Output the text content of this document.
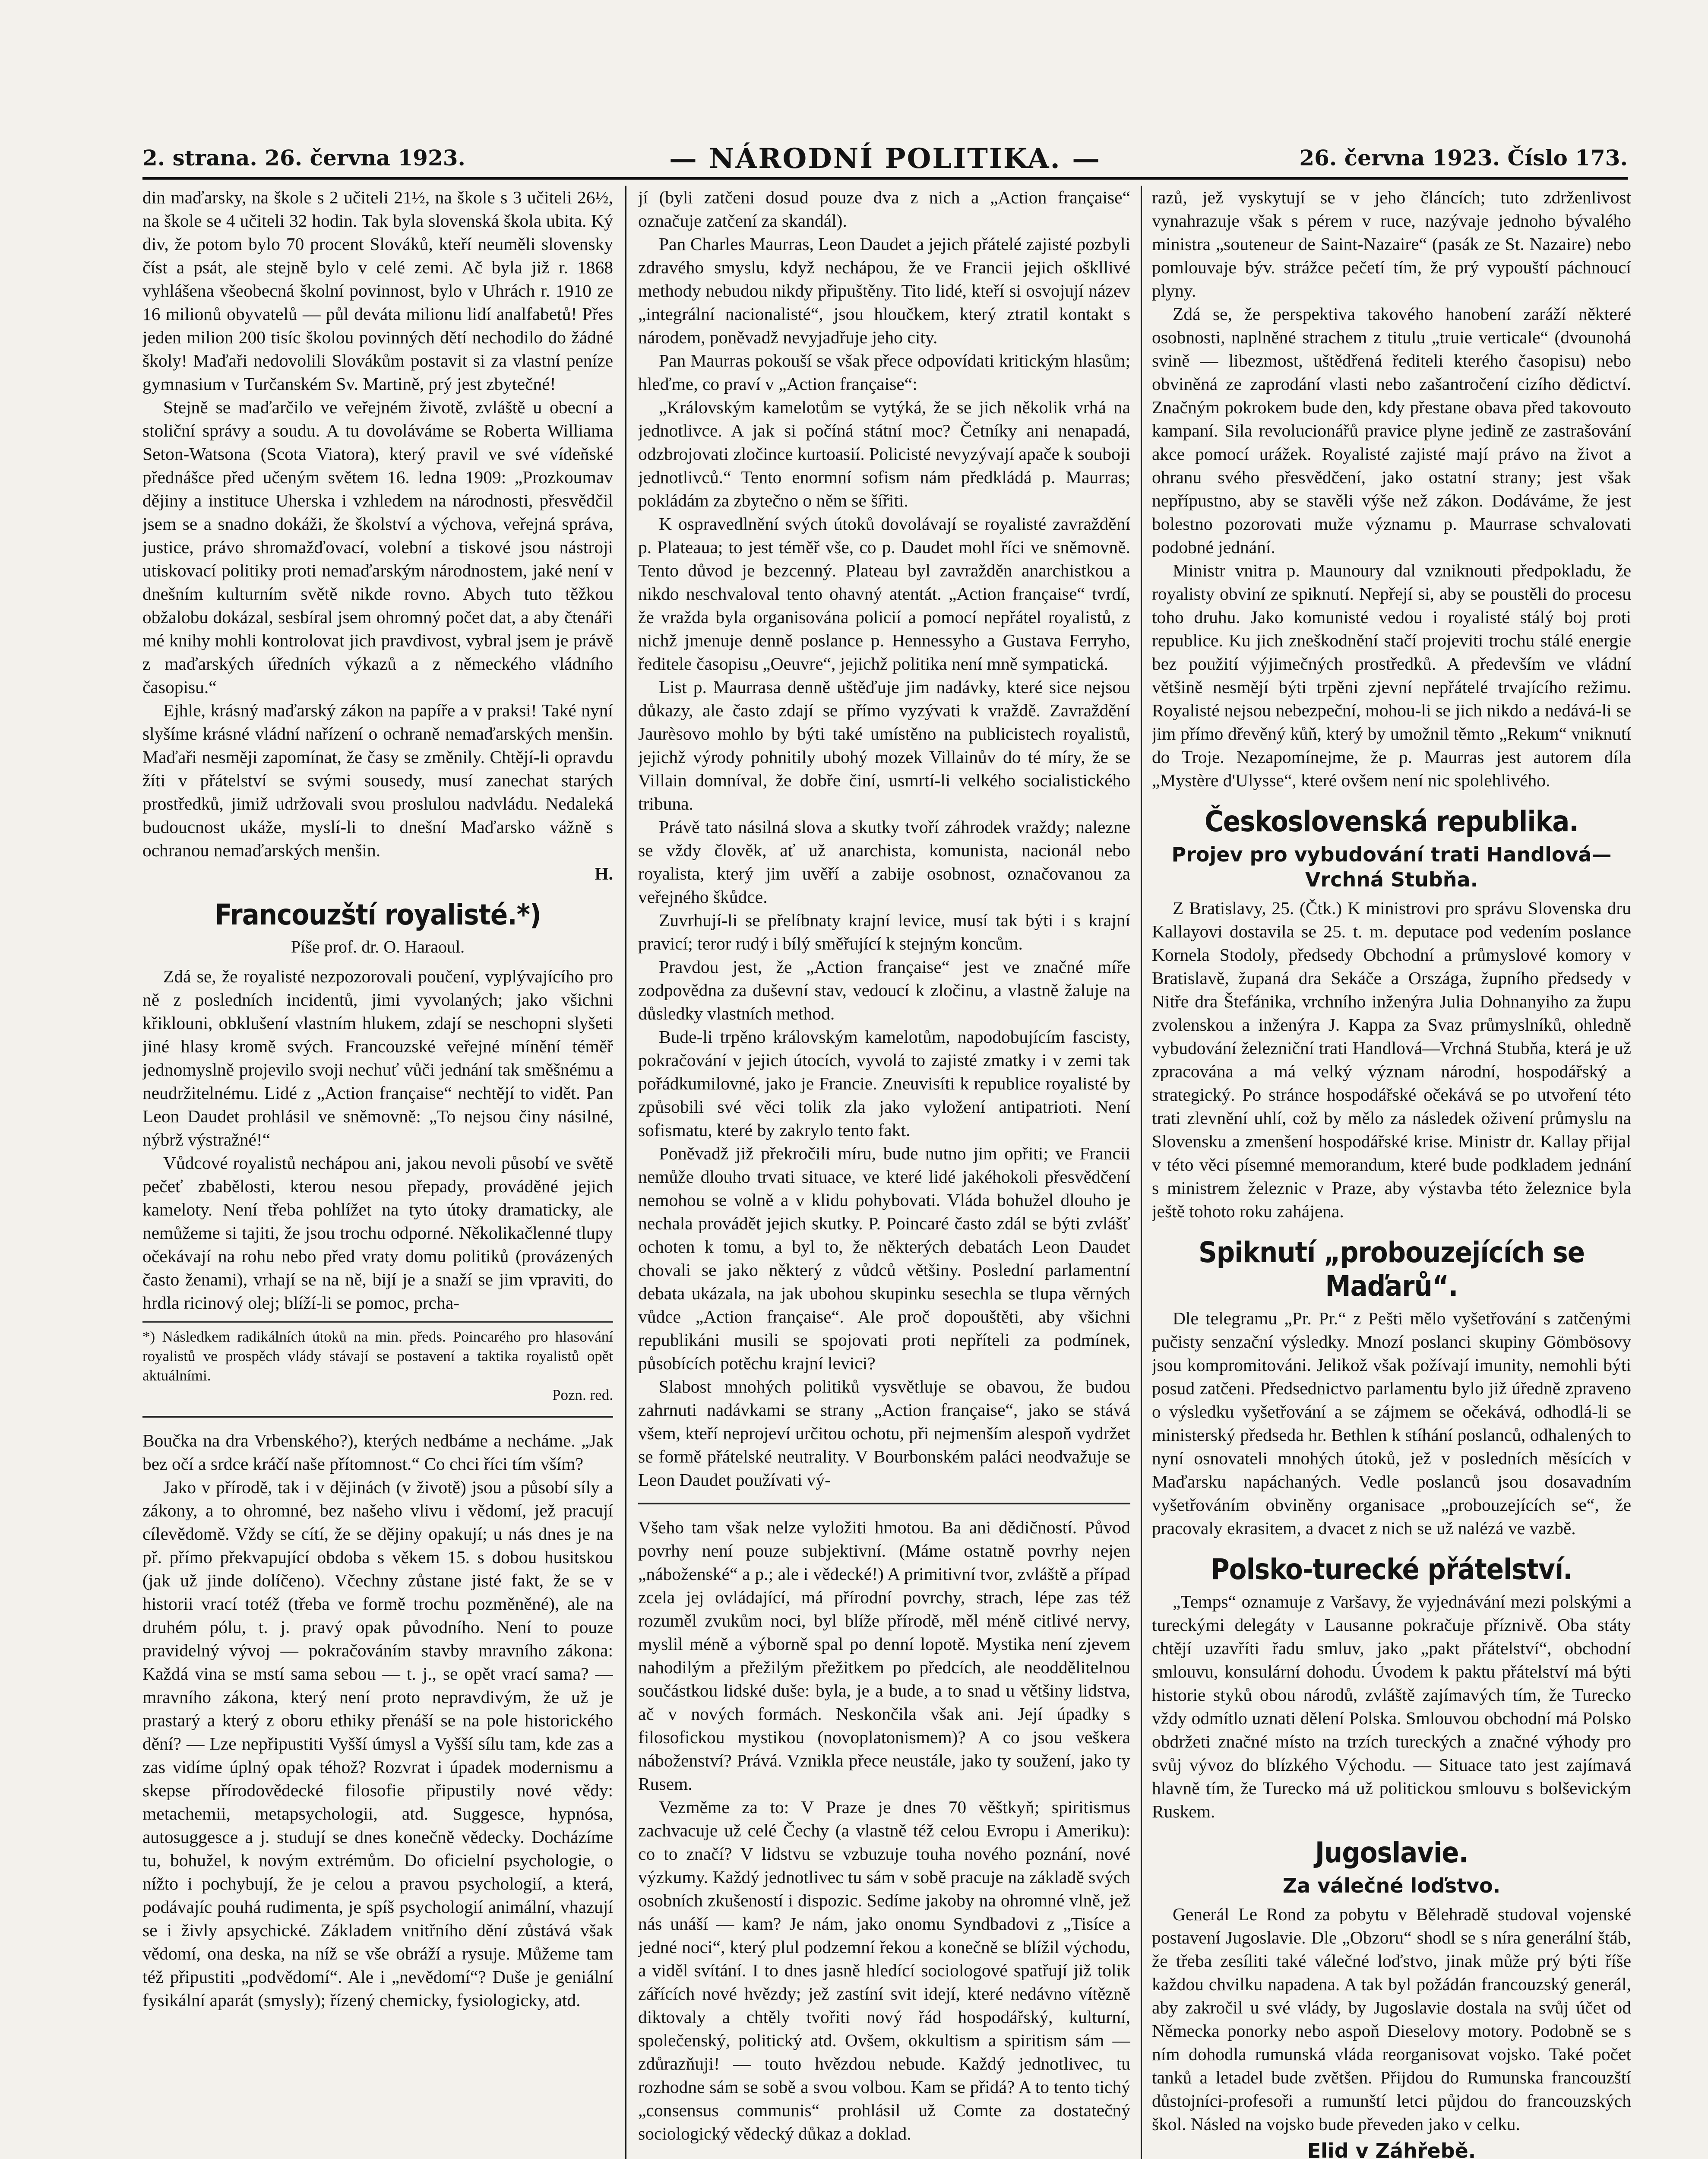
2. strana. 26. června 1923.	— NÁRODNÍ POLITIKA. —	26. června 1923. Číslo 173.

din maďarsky, na škole s 2 učiteli 21½, na škole s 3 učiteli 26½, na škole se 4 učiteli 32 hodin. Tak byla slovenská škola ubita. Ký div, že potom bylo 70 procent Slováků, kteří neuměli slovensky číst a psát, ale stejně bylo v celé zemi. Ač byla již r. 1868 vyhlášena všeobecná školní povinnost, bylo v Uhrách r. 1910 ze 16 milionů obyvatelů — půl deváta milionu lidí analfabetů! Přes jeden milion 200 tisíc školou povinných dětí nechodilo do žádné školy! Maďaři nedovolili Slovákům postavit si za vlastní peníze gymnasium v Turčanském Sv. Martině, prý jest zbytečné!

Stejně se maďarčilo ve veřejném životě, zvláště u obecní a stoliční správy a soudu. A tu dovoláváme se Roberta Williama Seton-Watsona (Scota Viatora), který pravil ve své vídeňské přednášce před učeným světem 16. ledna 1909: „Prozkoumav dějiny a instituce Uherska i vzhledem na národnosti, přesvědčil jsem se a snadno dokáži, že školství a výchova, veřejná správa, justice, právo shromažďovací, volební a tiskové jsou nástroji utiskovací politiky proti nemaďarským národnostem, jaké není v dnešním kulturním světě nikde rovno. Abych tuto těžkou obžalobu dokázal, sesbíral jsem ohromný počet dat, a aby čtenáři mé knihy mohli kontrolovat jich pravdivost, vybral jsem je právě z maďarských úředních výkazů a z německého vládního časopisu.“

Ejhle, krásný maďarský zákon na papíře a v praksi! Také nyní slyšíme krásné vládní nařízení o ochraně nemaďarských menšin. Maďaři nesměji zapomínat, že časy se změnily. Chtějí-li opravdu žíti v přátelství se svými sousedy, musí zanechat starých prostředků, jimiž udržovali svou proslulou nadvládu. Nedaleká budoucnost ukáže, myslí-li to dnešní Maďarsko vážně s ochranou nemaďarských menšin.
H.

Francouzští royalisté.*)
Píše prof. dr. O. Haraoul.

Zdá se, že royalisté nezpozorovali poučení, vyplývajícího pro ně z posledních incidentů, jimi vyvolaných; jako všichni křiklouni, obklušení vlastním hlukem, zdají se neschopni slyšeti jiné hlasy kromě svých. Francouzské veřejné mínění téměř jednomyslně projevilo svoji nechuť vůči jednání tak směšnému a neudržitelnému. Lidé z „Action française“ nechtějí to vidět. Pan Leon Daudet prohlásil ve sněmovně: „To nejsou činy násilné, nýbrž výstražné!“

Vůdcové royalistů nechápou ani, jakou nevoli působí ve světě pečeť zbabělosti, kterou nesou přepady, prováděné jejich kameloty. Není třeba pohlížet na tyto útoky dramaticky, ale nemůžeme si tajiti, že jsou trochu odporné. Několikačlenné tlupy očekávají na rohu nebo před vraty domu politiků (provázených často ženami), vrhají se na ně, bijí je a snaží se jim vpraviti, do hrdla ricinový olej; blíží-li se pomoc, prcha-

*) Následkem radikálních útoků na min. předs. Poincarého pro hlasování royalistů ve prospěch vlády stávají se postavení a taktika royalistů opět aktuálními.
Pozn. red.

Boučka na dra Vrbenského?), kterých nedbáme a necháme. „Jak bez očí a srdce kráčí naše přítomnost.“ Co chci říci tím vším?

Jako v přírodě, tak i v dějinách (v životě) jsou a působí síly a zákony, a to ohromné, bez našeho vlivu i vědomí, jež pracují cílevědomě. Vždy se cítí, že se dějiny opakují; u nás dnes je na př. přímo překvapující obdoba s věkem 15. s dobou husitskou (jak už jinde dolíčeno). Včechny zůstane jisté fakt, že se v historii vrací totéž (třeba ve formě trochu pozměněné), ale na druhém pólu, t. j. pravý opak původního. Není to pouze pravidelný vývoj — pokračováním stavby mravního zákona: Každá vina se mstí sama sebou — t. j., se opět vrací sama? — mravního zákona, který není proto nepravdivým, že už je prastarý a který z oboru ethiky přenáší se na pole historického dění? — Lze nepřipustiti Vyšší úmysl a Vyšší sílu tam, kde zas a zas vidíme úplný opak téhož? Rozvrat i úpadek modernismu a skepse přírodovědecké filosofie připustily nové vědy: metachemii, metapsychologii, atd. Suggesce, hypnósa, autosuggesce a j. studují se dnes konečně vědecky. Docházíme tu, bohužel, k novým extrémům. Do oficielní psychologie, o nížto i pochybují, že je celou a pravou psychologií, a která, podávajíc pouhá rudimenta, je spíš psychologií animální, vhazují se i živly apsychické. Základem vnitřního dění zůstává však vědomí, ona deska, na níž se vše obráží a rysuje. Můžeme tam též připustiti „podvědomí“. Ale i „nevědomí“? Duše je geniální fysikální aparát (smysly); řízený chemicky, fysiologicky, atd.

jí (byli zatčeni dosud pouze dva z nich a „Action française“ označuje zatčení za skandál).

Pan Charles Maurras, Leon Daudet a jejich přátelé zajisté pozbyli zdravého smyslu, když nechápou, že ve Francii jejich oškllivé methody nebudou nikdy připuštěny. Tito lidé, kteří si osvojují název „integrální nacionalisté“, jsou hloučkem, který ztratil kontakt s národem, poněvadž nevyjadřuje jeho city.

Pan Maurras pokouší se však přece odpovídati kritickým hlasům; hleďme, co praví v „Action française“:

„Královským kamelotům se vytýká, že se jich několik vrhá na jednotlivce. A jak si počíná státní moc? Četníky ani nenapadá, odzbrojovati zločince kurtoasií. Policisté nevyzývají apače k souboji jednotlivců.“ Tento enormní sofism nám předkládá p. Maurras; pokládám za zbytečno o něm se šířiti.

K ospravedlnění svých útoků dovolávají se royalisté zavraždění p. Plateaua; to jest téměř vše, co p. Daudet mohl říci ve sněmovně. Tento důvod je bezcenný. Plateau byl zavražděn anarchistkou a nikdo neschvaloval tento ohavný atentát. „Action française“ tvrdí, že vražda byla organisována policií a pomocí nepřátel royalistů, z nichž jmenuje denně poslance p. Hennessyho a Gustava Ferryho, ředitele časopisu „Oeuvre“, jejichž politika není mně sympatická.

List p. Maurrasa denně uštěďuje jim nadávky, které sice nejsou důkazy, ale často zdají se přímo vyzývati k vraždě. Zavraždění Jaurèsovo mohlo by býti také umístěno na publicistech royalistů, jejichž výrody pohnitily ubohý mozek Villainův do té míry, že se Villain domníval, že dobře činí, usmrtí-li velkého socialistického tribuna.

Právě tato násilná slova a skutky tvoří záhrodek vraždy; nalezne se vždy člověk, ať už anarchista, komunista, nacionál nebo royalista, který jim uvěří a zabije osobnost, označovanou za veřejného škůdce.

Zuvrhují-li se přelíbnaty krajní levice, musí tak býti i s krajní pravicí; teror rudý i bílý směřující k stejným koncům.

Pravdou jest, že „Action française“ jest ve značné míře zodpovědna za duševní stav, vedoucí k zločinu, a vlastně žaluje na důsledky vlastních method.

Bude-li trpěno královským kamelotům, napodobujícím fascisty, pokračování v jejich útocích, vyvolá to zajisté zmatky i v zemi tak pořádkumilovné, jako je Francie. Zneuvisíti k republice royalisté by způsobili své věci tolik zla jako vyložení antipatrioti. Není sofismatu, které by zakrylo tento fakt.

Poněvadž již překročili míru, bude nutno jim opřiti; ve Francii nemůže dlouho trvati situace, ve které lidé jakéhokoli přesvědčení nemohou se volně a v klidu pohybovati. Vláda bohužel dlouho je nechala provádět jejich skutky. P. Poincaré často zdál se býti zvlášť ochoten k tomu, a byl to, že některých debatách Leon Daudet chovali se jako některý z vůdců většiny. Poslední parlamentní debata ukázala, na jak ubohou skupinku sesechla se tlupa věrných vůdce „Action française“. Ale proč dopouštěti, aby všichni republikáni musili se spojovati proti nepříteli za podmínek, působících potěchu krajní levici?

Slabost mnohých politiků vysvětluje se obavou, že budou zahrnuti nadávkami se strany „Action française“, jako se stává všem, kteří neprojeví určitou ochotu, při nejmenším alespoň vydržet se formě přátelské neutrality. V Bourbonském paláci neodvažuje se Leon Daudet používati vý-

Všeho tam však nelze vyložiti hmotou. Ba ani dědičností. Původ povrhy není pouze subjektivní. (Máme ostatně povrhy nejen „náboženské“ a p.; ale i vědecké!) A primitivní tvor, zvláště a případ zcela jej ovládající, má přírodní povrchy, strach, lépe zas též rozuměl zvukům noci, byl blíže přírodě, měl méně citlivé nervy, myslil méně a výborně spal po denní lopotě. Mystika není zjevem nahodilým a přežilým přežitkem po předcích, ale neoddělitelnou součástkou lidské duše: byla, je a bude, a to snad u většiny lidstva, ač v nových formách. Neskončila však ani. Její úpadky s filosofickou mystikou (novoplatonismem)? A co jsou veškera náboženství? Prává. Vznikla přece neustále, jako ty soužení, jako ty Rusem.

Vezměme za to: V Praze je dnes 70 věštkyň; spiritismus zachvacuje už celé Čechy (a vlastně též celou Evropu i Ameriku): co to značí? V lidstvu se vzbuzuje touha nového poznání, nové výzkumy. Každý jednotlivec tu sám v sobě pracuje na základě svých osobních zkušeností i dispozic. Sedíme jakoby na ohromné vlně, jež nás unáší — kam? Je nám, jako onomu Syndbadovi z „Tisíce a jedné noci“, který plul podzemní řekou a konečně se blížil východu, a viděl svítání. I to dnes jasně hledící sociologové spatřují již tolik zářících nové hvězdy; jež zastíní svit idejí, které nedávno vítězně diktovaly a chtěly tvořiti nový řád hospodářský, kulturní, společenský, politický atd. Ovšem, okkultism a spiritism sám — zdůrazňuji! — touto hvězdou nebude. Každý jednotlivec, tu rozhodne sám se sobě a svou volbou. Kam se přidá? A to tento tichý „consensus communis“ prohlásil už Comte za dostatečný sociologický vědecký důkaz a doklad.

razů, jež vyskytují se v jeho článcích; tuto zdrženlivost vynahrazuje však s pérem v ruce, nazývaje jednoho bývalého ministra „souteneur de Saint-Nazaire“ (pasák ze St. Nazaire) nebo pomlouvaje býv. strážce pečetí tím, že prý vypouští páchnoucí plyny.

Zdá se, že perspektiva takového hanobení zaráží některé osobnosti, naplněné strachem z titulu „truie verticale“ (dvounohá svině — libezmost, uštědřená řediteli kterého časopisu) nebo obviněná ze zaprodání vlasti nebo zašantročení cizího dědictví. Značným pokrokem bude den, kdy přestane obava před takovouto kampaní. Sila revolucionářů pravice plyne jedině ze zastrašování akce pomocí urážek. Royalisté zajisté mají právo na život a ohranu svého přesvědčení, jako ostatní strany; jest však nepřípustno, aby se stavěli výše než zákon. Dodáváme, že jest bolestno pozorovati muže významu p. Maurrase schvalovati podobné jednání.

Ministr vnitra p. Maunoury dal vzniknouti předpokladu, že royalisty obviní ze spiknutí. Nepřejí si, aby se poustěli do procesu toho druhu. Jako komunisté vedou i royalisté stálý boj proti republice. Ku jich zneškodnění stačí projeviti trochu stálé energie bez použití výjimečných prostředků. A především ve vládní většině nesmějí býti trpěni zjevní nepřátelé trvajícího režimu. Royalisté nejsou nebezpeční, mohou-li se jich nikdo a nedává-li se jim přímo dřevěný kůň, který by umožnil těmto „Rekum“ vniknutí do Troje. Nezapomínejme, že p. Maurras jest autorem díla „Mystère d'Ulysse“, které ovšem není nic spolehlivého.

Československá republika.
Projev pro vybudování trati Handlová—Vrchná Stubňa.

Z Bratislavy, 25. (Čtk.) K ministrovi pro správu Slovenska dru Kallayovi dostavila se 25. t. m. deputace pod vedením poslance Kornela Stodoly, předsedy Obchodní a průmyslové komory v Bratislavě, županá dra Sekáče a Országa, župního předsedy v Nitře dra Štefánika, vrchního inženýra Julia Dohnanyiho za župu zvolenskou a inženýra J. Kappa za Svaz průmyslníků, ohledně vybudování železniční trati Handlová—Vrchná Stubňa, která je už zpracována a má velký význam národní, hospodářský a strategický. Po stránce hospodářské očekává se po utvoření této trati zlevnění uhlí, což by mělo za následek oživení průmyslu na Slovensku a zmenšení hospodářské krise. Ministr dr. Kallay přijal v této věci písemné memorandum, které bude podkladem jednání s ministrem železnic v Praze, aby výstavba této železnice byla ještě tohoto roku zahájena.

Spiknutí „probouzejících se Maďarů“.

Dle telegramu „Pr. Pr.“ z Pešti mělo vyšetřování s zatčenými pučisty senzační výsledky. Mnozí poslanci skupiny Gömbösovy jsou kompromitováni. Jelikož však požívají imunity, nemohli býti posud zatčeni. Předsednictvo parlamentu bylo již úředně zpraveno o výsledku vyšetřování a se zájmem se očekává, odhodlá-li se ministerský předseda hr. Bethlen k stíhání poslanců, odhalených to nyní osnovateli mnohých útoků, jež v posledních měsících v Maďarsku napáchaných. Vedle poslanců jsou dosavadním vyšetřováním obviněny organisace „probouzejících se“, že pracovaly ekrasitem, a dvacet z nich se už nalézá ve vazbě.

Polsko-turecké přátelství.

„Temps“ oznamuje z Varšavy, že vyjednávání mezi polskými a tureckými delegáty v Lausanne pokračuje příznivě. Oba státy chtějí uzavříti řadu smluv, jako „pakt přátelství“, obchodní smlouvu, konsulární dohodu. Úvodem k paktu přátelství má býti historie styků obou národů, zvláště zajímavých tím, že Turecko vždy odmítlo uznati dělení Polska. Smlouvou obchodní má Polsko obdržeti značné místo na trzích tureckých a značné výhody pro svůj vývoz do blízkého Východu. — Situace tato jest zajímavá hlavně tím, že Turecko má už politickou smlouvu s bolševickým Ruskem.

Jugoslavie.
Za válečné loďstvo.

Generál Le Rond za pobytu v Bělehradě studoval vojenské postavení Jugoslavie. Dle „Obzoru“ shodl se s níra generální štáb, že třeba zesíliti také válečné loďstvo, jinak může prý býti říše každou chvilku napadena. A tak byl požádán francouzský generál, aby zakročil u své vlády, by Jugoslavie dostala na svůj účet od Německa ponorky nebo aspoň Dieselovy motory. Podobně se s ním dohodla rumunská vláda reorganisovat vojsko. Také počet tanků a letadel bude zvětšen. Přijdou do Rumunska francouzští důstojníci-profesoři a rumunští letci půjdou do francouzských škol. Násled na vojsko bude převeden jako v celku.

Elid v Záhřebě.
